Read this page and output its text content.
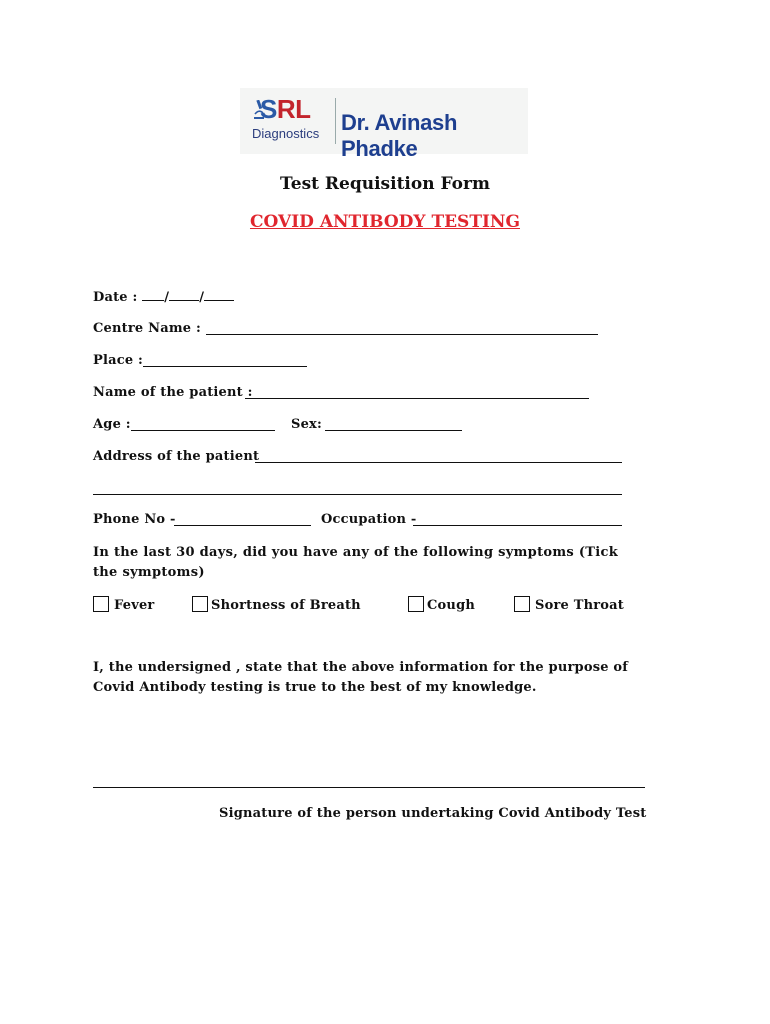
SRL
Diagnostics Dr. Avinash Phadke
Test Requisition Form
COVID ANTIBODY TESTING
Date : / /
Centre Name :
Place :
Name of the patient :
Age :	Sex:
Address of the patient
Phone No -	Occupation -
In the last 30 days, did you have any of the following symptoms (Tick the symptoms)
Fever	Shortness of Breath	Cough	Sore Throat
I, the undersigned , state that the above information for the purpose of Covid Antibody testing is true to the best of my knowledge.
Signature of the person undertaking Covid Antibody Test
